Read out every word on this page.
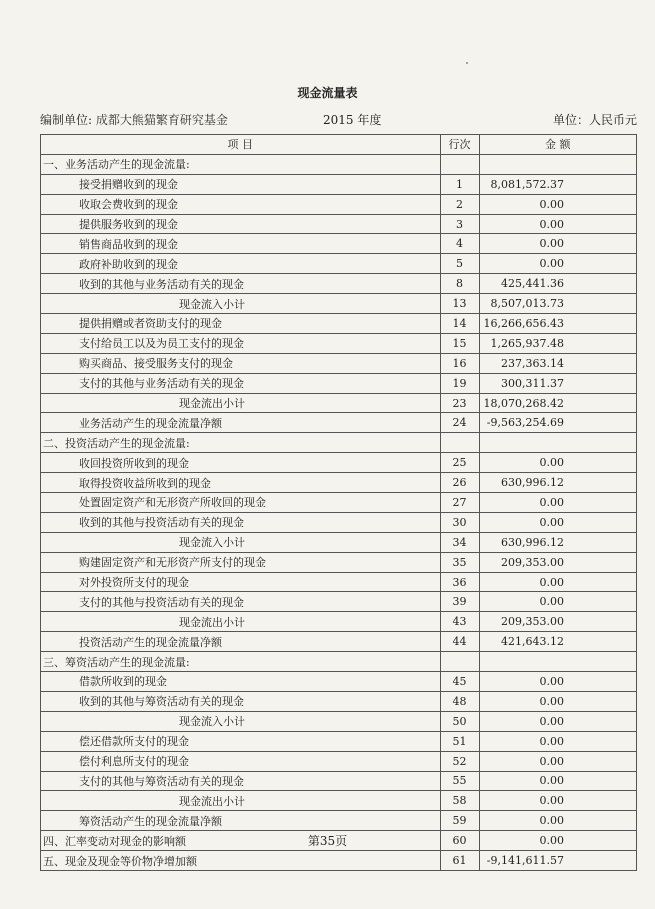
现金流量表
编制单位: 成都大熊猫繁育研究基金	2015 年度	单位：人民币元
项 目	行次	金 额
一、业务活动产生的现金流量:		
接受捐赠收到的现金	1	8,081,572.37
收取会费收到的现金	2	0.00
提供服务收到的现金	3	0.00
销售商品收到的现金	4	0.00
政府补助收到的现金	5	0.00
收到的其他与业务活动有关的现金	8	425,441.36
现金流入小计	13	8,507,013.73
提供捐赠或者资助支付的现金	14	16,266,656.43
支付给员工以及为员工支付的现金	15	1,265,937.48
购买商品、接受服务支付的现金	16	237,363.14
支付的其他与业务活动有关的现金	19	300,311.37
现金流出小计	23	18,070,268.42
业务活动产生的现金流量净额	24	-9,563,254.69
二、投资活动产生的现金流量:		
收回投资所收到的现金	25	0.00
取得投资收益所收到的现金	26	630,996.12
处置固定资产和无形资产所收回的现金	27	0.00
收到的其他与投资活动有关的现金	30	0.00
现金流入小计	34	630,996.12
购建固定资产和无形资产所支付的现金	35	209,353.00
对外投资所支付的现金	36	0.00
支付的其他与投资活动有关的现金	39	0.00
现金流出小计	43	209,353.00
投资活动产生的现金流量净额	44	421,643.12
三、筹资活动产生的现金流量:		
借款所收到的现金	45	0.00
收到的其他与筹资活动有关的现金	48	0.00
现金流入小计	50	0.00
偿还借款所支付的现金	51	0.00
偿付利息所支付的现金	52	0.00
支付的其他与筹资活动有关的现金	55	0.00
现金流出小计	58	0.00
筹资活动产生的现金流量净额	59	0.00
四、汇率变动对现金的影响额	60	0.00
五、现金及现金等价物净增加额	61	-9,141,611.57
第35页
